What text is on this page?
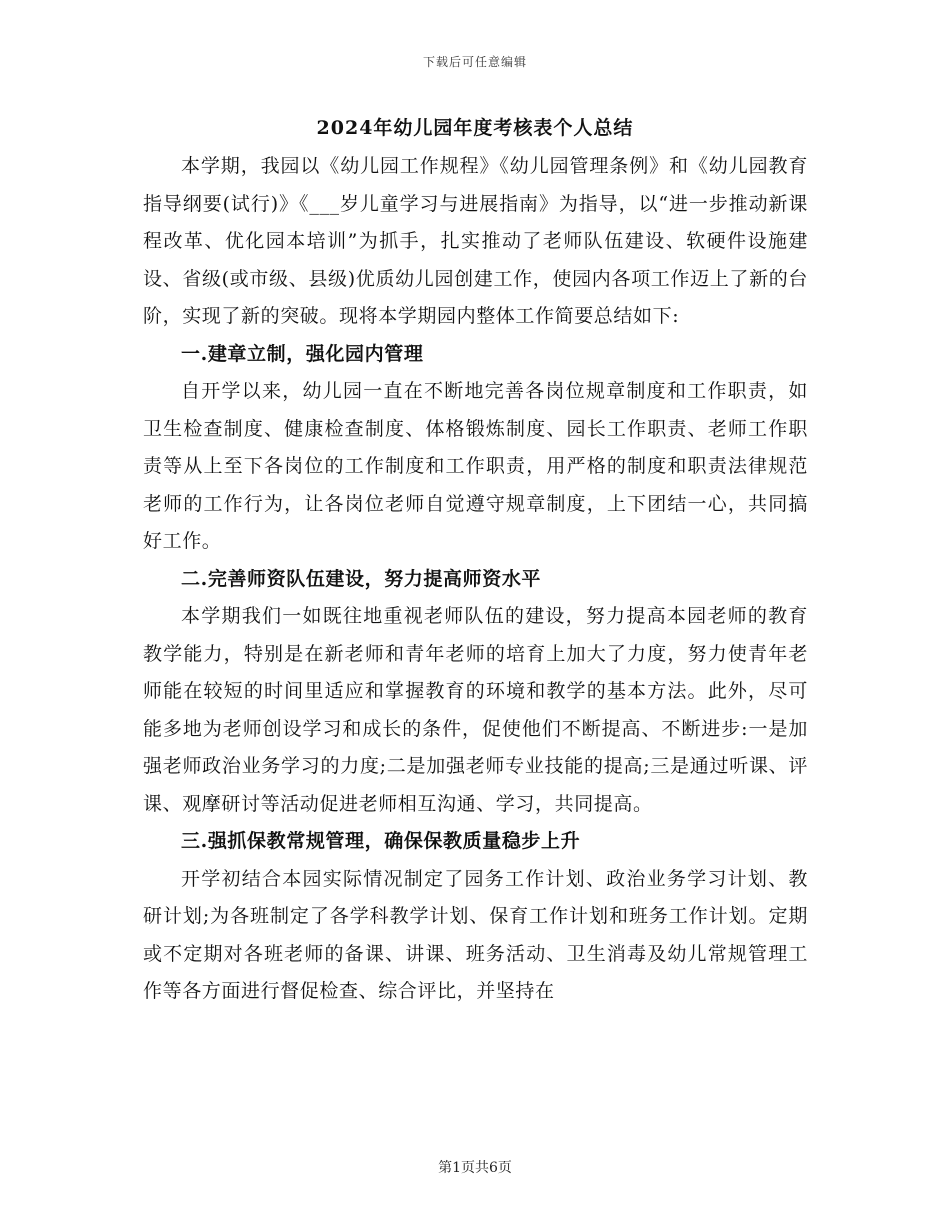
下载后可任意编辑
2024年幼儿园年度考核表个人总结

本学期，我园以《幼儿园工作规程》《幼儿园管理条例》和《幼儿园教育指导纲要(试行)》《___岁儿童学习与进展指南》为指导，以“进一步推动新课程改革、优化园本培训”为抓手，扎实推动了老师队伍建设、软硬件设施建设、省级(或市级、县级)优质幼儿园创建工作，使园内各项工作迈上了新的台阶，实现了新的突破。现将本学期园内整体工作简要总结如下:

一.建章立制，强化园内管理

自开学以来，幼儿园一直在不断地完善各岗位规章制度和工作职责，如卫生检查制度、健康检查制度、体格锻炼制度、园长工作职责、老师工作职责等从上至下各岗位的工作制度和工作职责，用严格的制度和职责法律规范老师的工作行为，让各岗位老师自觉遵守规章制度，上下团结一心，共同搞好工作。

二.完善师资队伍建设，努力提高师资水平

本学期我们一如既往地重视老师队伍的建设，努力提高本园老师的教育教学能力，特别是在新老师和青年老师的培育上加大了力度，努力使青年老师能在较短的时间里适应和掌握教育的环境和教学的基本方法。此外，尽可能多地为老师创设学习和成长的条件，促使他们不断提高、不断进步:一是加强老师政治业务学习的力度;二是加强老师专业技能的提高;三是通过听课、评课、观摩研讨等活动促进老师相互沟通、学习，共同提高。

三.强抓保教常规管理，确保保教质量稳步上升

开学初结合本园实际情况制定了园务工作计划、政治业务学习计划、教研计划;为各班制定了各学科教学计划、保育工作计划和班务工作计划。定期或不定期对各班老师的备课、讲课、班务活动、卫生消毒及幼儿常规管理工作等各方面进行督促检查、综合评比，并坚持在

第1页共6页
